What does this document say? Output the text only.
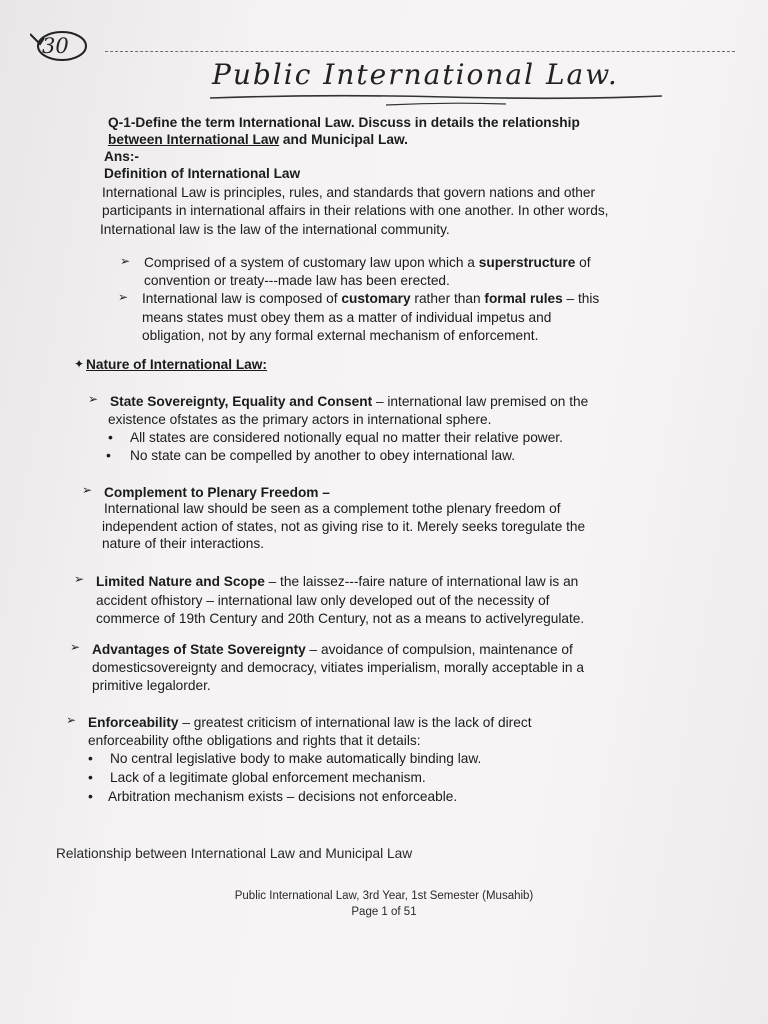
30
Public International Law.
Q-1-Define the term International Law. Discuss in details the relationship
between International Law and Municipal Law.
Ans:-
Definition of International Law
International Law is principles, rules, and standards that govern nations and other
participants in international affairs in their relations with one another. In other words,
International law is the law of the international community.
➢ Comprised of a system of customary law upon which a superstructure of
convention or treaty---made law has been erected.
➢ International law is composed of customary rather than formal rules – this
means states must obey them as a matter of individual impetus and
obligation, not by any formal external mechanism of enforcement.
✦ Nature of International Law:
➢ State Sovereignty, Equality and Consent – international law premised on the
existence ofstates as the primary actors in international sphere.
• All states are considered notionally equal no matter their relative power.
• No state can be compelled by another to obey international law.
➢ Complement to Plenary Freedom –
International law should be seen as a complement tothe plenary freedom of
independent action of states, not as giving rise to it. Merely seeks toregulate the
nature of their interactions.
➢ Limited Nature and Scope – the laissez---faire nature of international law is an
accident ofhistory – international law only developed out of the necessity of
commerce of 19th Century and 20th Century, not as a means to activelyregulate.
➢ Advantages of State Sovereignty – avoidance of compulsion, maintenance of
domesticsovereignty and democracy, vitiates imperialism, morally acceptable in a
primitive legalorder.
➢ Enforceability – greatest criticism of international law is the lack of direct
enforceability ofthe obligations and rights that it details:
• No central legislative body to make automatically binding law.
• Lack of a legitimate global enforcement mechanism.
• Arbitration mechanism exists – decisions not enforceable.
Relationship between International Law and Municipal Law
Public International Law, 3rd Year, 1st Semester (Musahib)
Page 1 of 51
